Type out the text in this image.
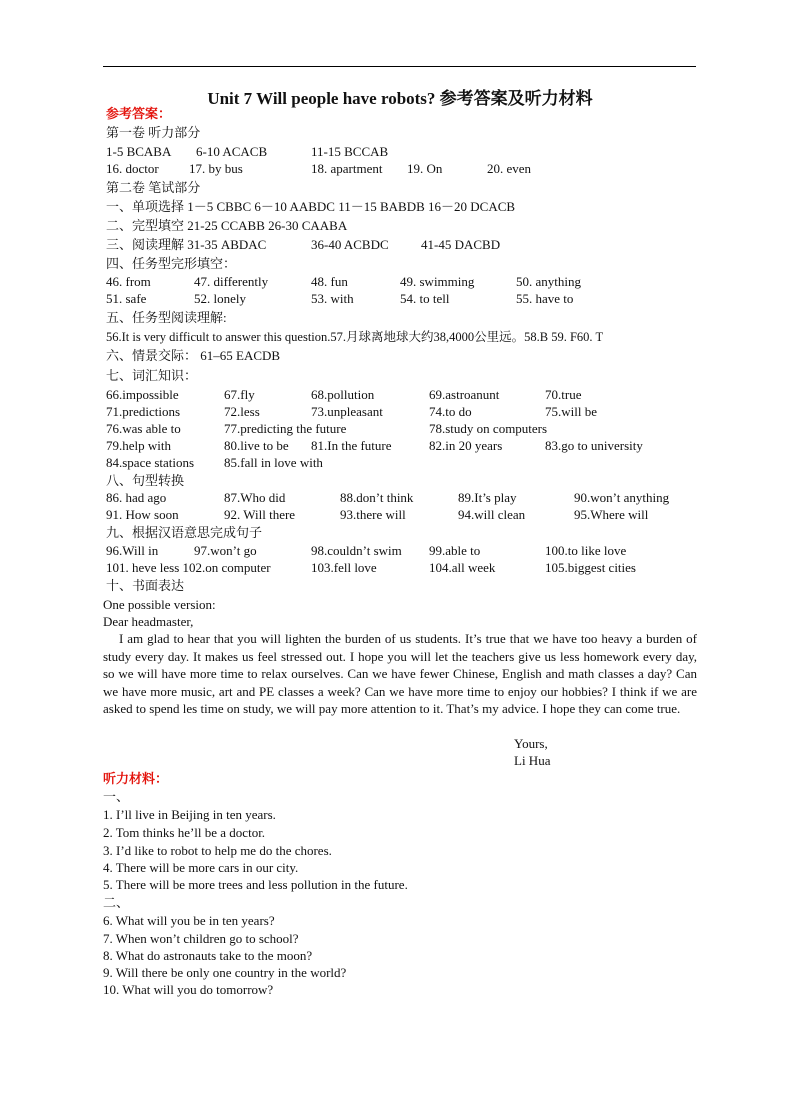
Unit 7 Will people have robots? 参考答案及听力材料
参考答案：
第一卷 听力部分
1-5 BCABA 6-10 ACACB	11-15 BCCAB
16. doctor 17. by bus	18. apartment 19. On	20. even
第二卷 笔试部分
一、单项选择 1－5 CBBC 6－10 AABDC 11－15 BABDB 16－20 DCACB
二、完型填空 21-25 CCABB 26-30 CAABA
三、阅读理解 31-35 ABDAC	36-40 ACBDC 41-45 DACBD
四、任务型完形填空：
46. from	47. differently	48. fun	49. swimming	50. anything
51. safe	52. lonely	53. with	54. to tell	55. have to
五、任务型阅读理解:
56.It is very difficult to answer this question.57.月球离地球大约38,4000公里远。58.B 59. F60. T
六、情景交际： 61–65 EACDB
七、词汇知识：
66.impossible	67.fly	68.pollution	69.astroanunt	70.true
71.predictions	72.less	73.unpleasant	74.to do	75.will be
76.was able to	77.predicting the future	78.study on computers
79.help with	80.live to be 81.In the future	82.in 20 years	83.go to university
84.space stations 85.fall in love with
八、句型转换
86. had ago	87.Who did	88.don’t think	89.It’s play	90.won’t anything
91. How soon	92. Will there	93.there will	94.will clean	95.Where will
九、根据汉语意思完成句子
96.Will in	97.won’t go	98.couldn’t swim 99.able to	100.to like love
101. heve less 102.on computer	103.fell love	104.all week	105.biggest cities
十、书面表达
One possible version:
Dear headmaster,
I am glad to hear that you will lighten the burden of us students. It’s true that we have too heavy a burden of study every day. It makes us feel stressed out. I hope you will let the teachers give us less homework every day, so we will have more time to relax ourselves. Can we have fewer Chinese, English and math classes a day? Can we have more music, art and PE classes a week? Can we have more time to enjoy our hobbies? I think if we are asked to spend les time on study, we will pay more attention to it. That’s my advice. I hope they can come true.
Yours,
Li Hua
听力材料：
一、
1. I’ll live in Beijing in ten years.
2. Tom thinks he’ll be a doctor.
3. I’d like to robot to help me do the chores.
4. There will be more cars in our city.
5. There will be more trees and less pollution in the future.
二、
6. What will you be in ten years?
7. When won’t children go to school?
8. What do astronauts take to the moon?
9. Will there be only one country in the world?
10. What will you do tomorrow?
